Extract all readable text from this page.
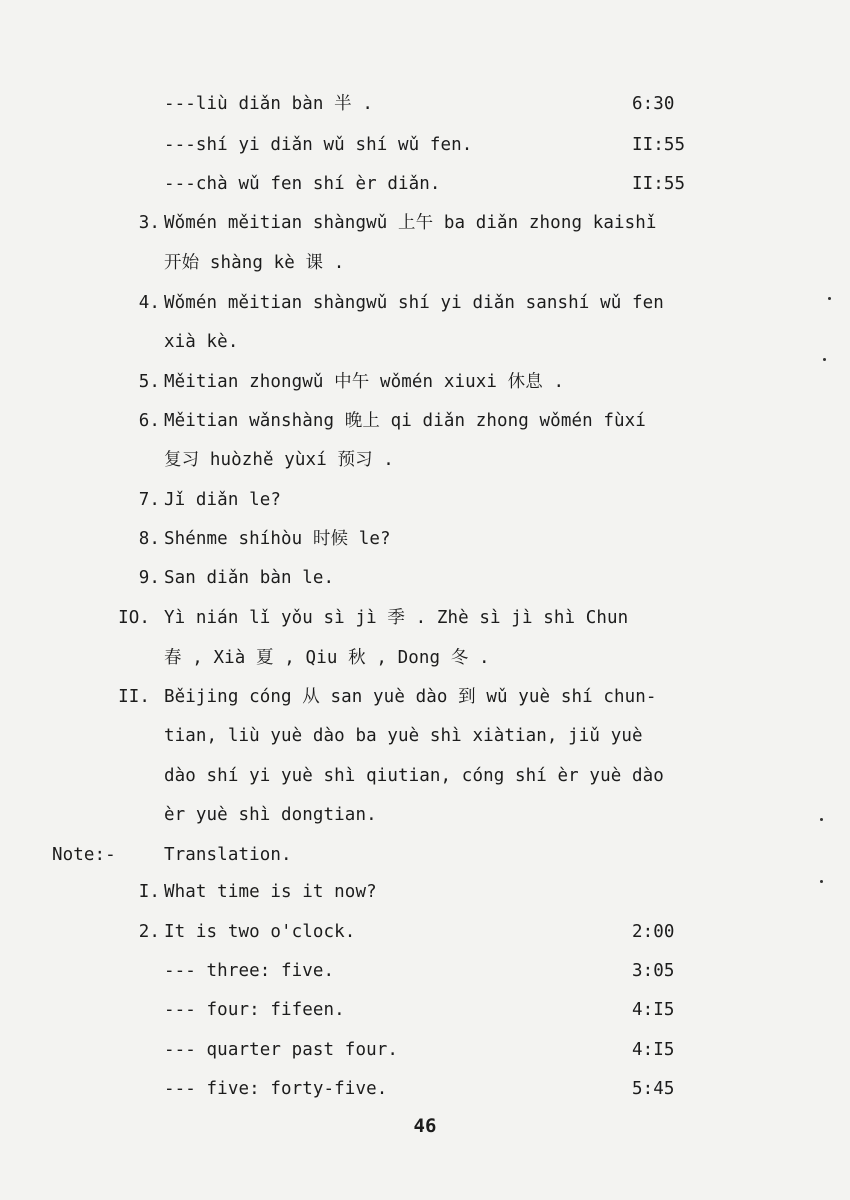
---liù diǎn bàn 半 .	6:30
---shí yi diǎn wǔ shí wǔ fen.	II:55
---chà wǔ fen shí èr diǎn.	II:55
3. Wǒmén měitian shàngwǔ 上午 ba diǎn zhong kaishǐ
开始 shàng kè 课 .
4. Wǒmén měitian shàngwǔ shí yi diǎn sanshí wǔ fen
xià kè.
5. Měitian zhongwǔ 中午 wǒmén xiuxi 休息 .
6. Měitian wǎnshàng 晚上 qi diǎn zhong wǒmén fùxí
复习 huòzhě yùxí 预习 .
7. Jǐ diǎn le?
8. Shénme shíhòu 时候 le?
9. San diǎn bàn le.
IO. Yì nián lǐ yǒu sì jì 季 . Zhè sì jì shì Chun
春 , Xià 夏 , Qiu 秋 , Dong 冬 .
II. Běijing cóng 从 san yuè dào 到 wǔ yuè shí chun-
tian, liù yuè dào ba yuè shì xiàtian, jiǔ yuè
dào shí yi yuè shì qiutian, cóng shí èr yuè dào
èr yuè shì dongtian.
Note:-	Translation.
I. What time is it now?
2. It is two o'clock.	2:00
--- three: five.	3:05
--- four: fifeen.	4:I5
--- quarter past four.	4:I5
--- five: forty-five.	5:45
46
